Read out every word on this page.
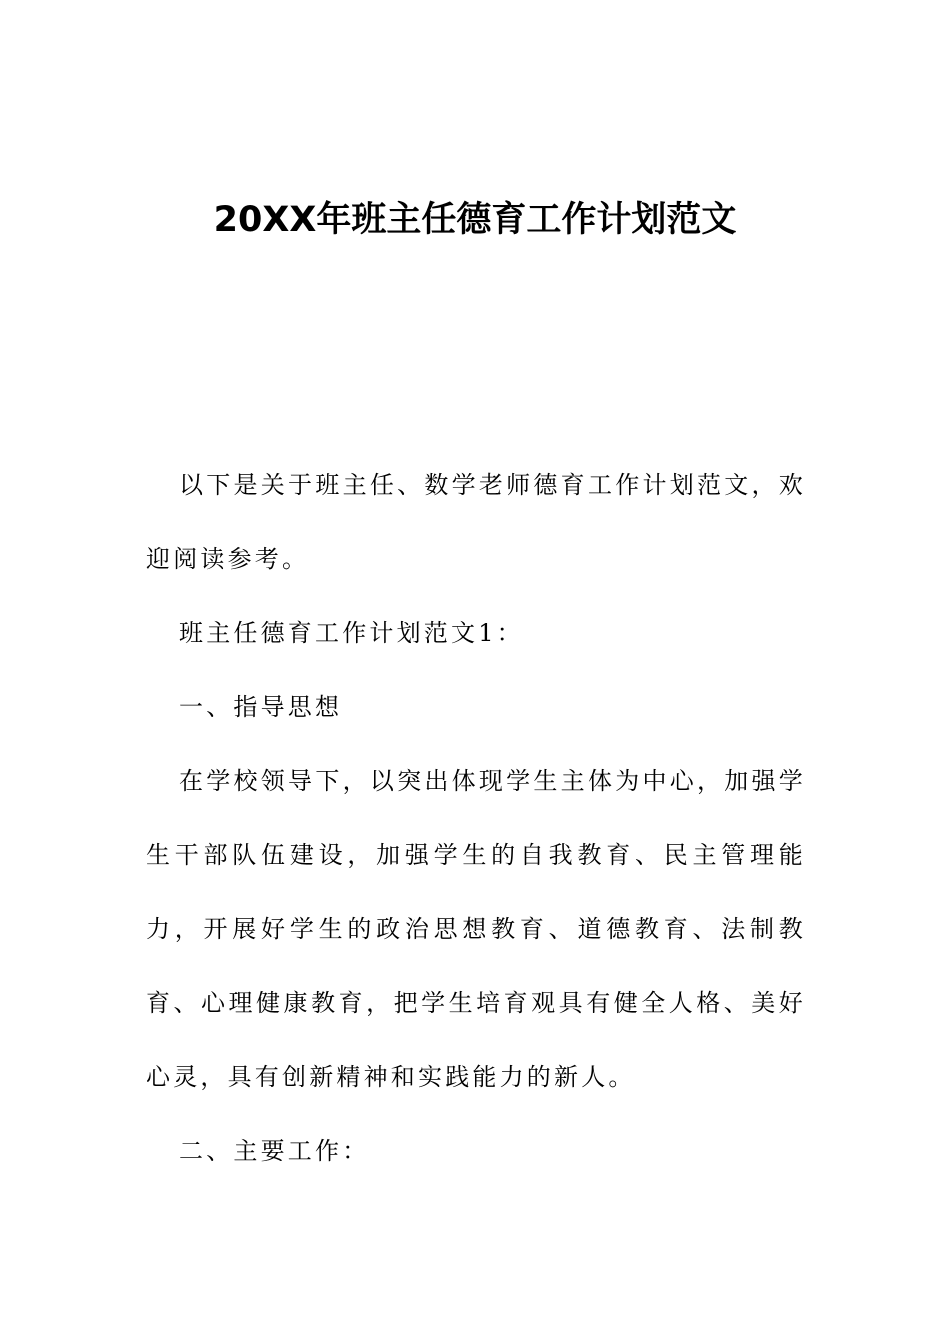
20XX年班主任德育工作计划范文

以下是关于班主任、数学老师德育工作计划范文，欢迎阅读参考。

班主任德育工作计划范文1：

一、指导思想

在学校领导下，以突出体现学生主体为中心，加强学生干部队伍建设，加强学生的自我教育、民主管理能力，开展好学生的政治思想教育、道德教育、法制教育、心理健康教育，把学生培育观具有健全人格、美好心灵，具有创新精神和实践能力的新人。

二、主要工作：
